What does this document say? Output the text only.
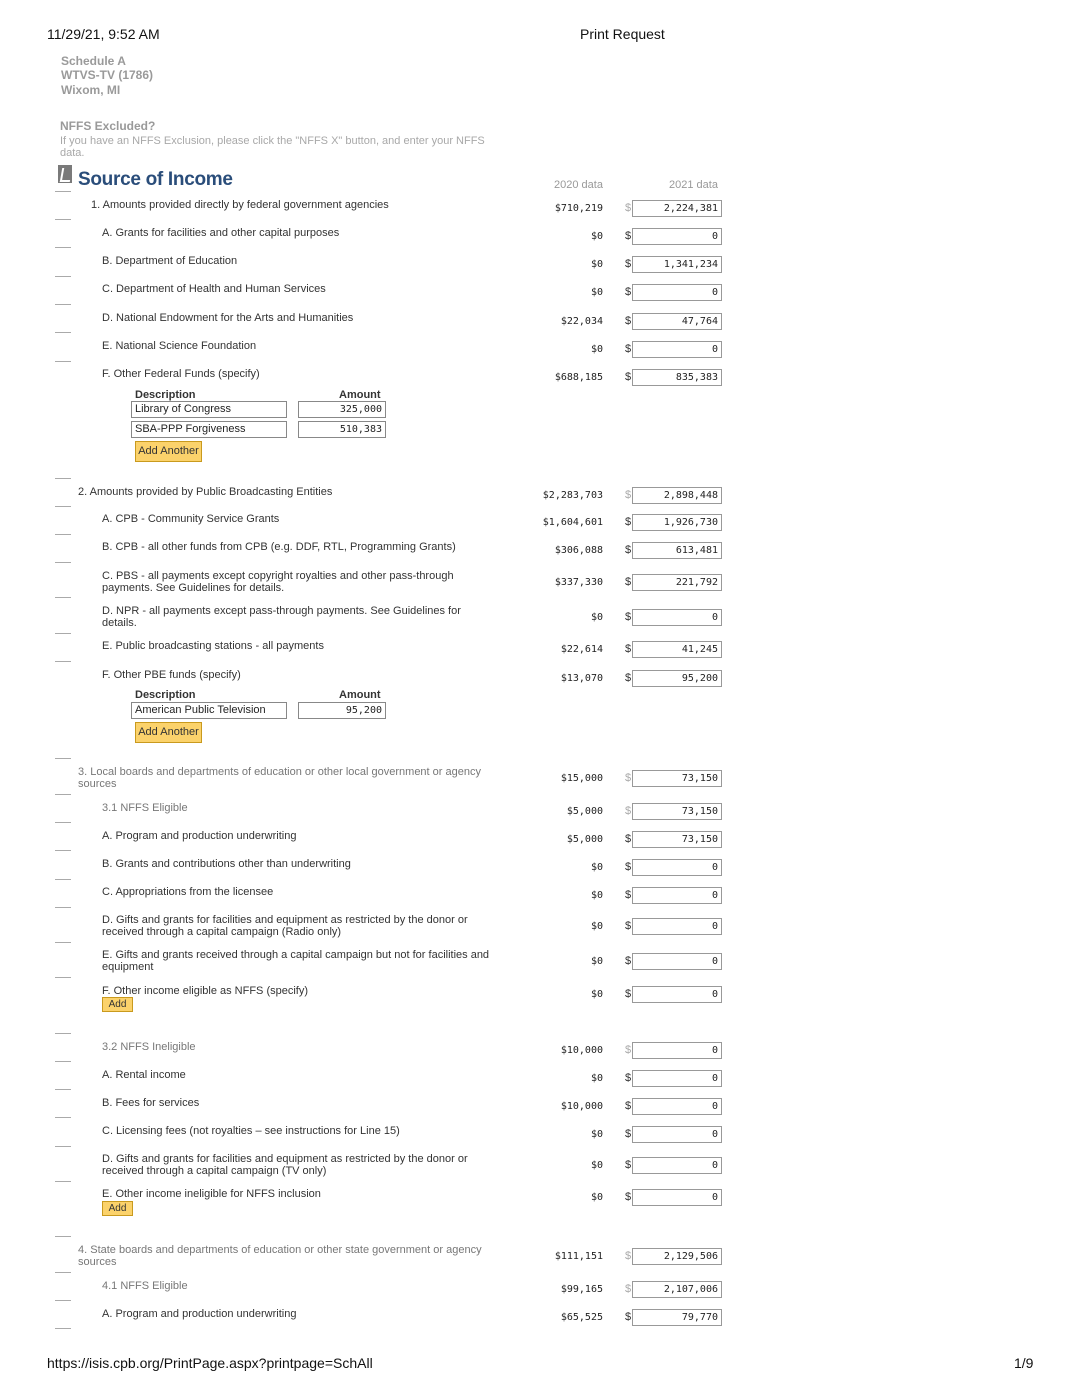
11/29/21, 9:52 AM	Print Request
Schedule A
WTVS-TV (1786)
Wixom, MI
NFFS Excluded?
If you have an NFFS Exclusion, please click the "NFFS X" button, and enter your NFFS data.
Source of Income	2020 data	2021 data
1. Amounts provided directly by federal government agencies	$710,219 $	2,224,381
A. Grants for facilities and other capital purposes	$0 $	0
B. Department of Education	$0 $	1,341,234
C. Department of Health and Human Services	$0 $	0
D. National Endowment for the Arts and Humanities	$22,034 $	47,764
E. National Science Foundation	$0 $	0
F. Other Federal Funds (specify)	$688,185 $	835,383
2. Amounts provided by Public Broadcasting Entities	$2,283,703 $	2,898,448
A. CPB - Community Service Grants	$1,604,601 $	1,926,730
B. CPB - all other funds from CPB (e.g. DDF, RTL, Programming Grants)	$306,088 $	613,481
C. PBS - all payments except copyright royalties and other pass-through payments. See Guidelines for details.	$337,330 $	221,792
D. NPR - all payments except pass-through payments. See Guidelines for details.	$0 $	0
E. Public broadcasting stations - all payments	$22,614 $	41,245
F. Other PBE funds (specify)	$13,070 $	95,200
3. Local boards and departments of education or other local government or agency sources	$15,000 $	73,150
3.1 NFFS Eligible	$5,000 $	73,150
A. Program and production underwriting	$5,000 $	73,150
B. Grants and contributions other than underwriting	$0 $	0
C. Appropriations from the licensee	$0 $	0
D. Gifts and grants for facilities and equipment as restricted by the donor or received through a capital campaign (Radio only)	$0 $	0
E. Gifts and grants received through a capital campaign but not for facilities and equipment	$0 $	0
F. Other income eligible as NFFS (specify)	$0 $	0
3.2 NFFS Ineligible	$10,000 $	0
A. Rental income	$0 $	0
B. Fees for services	$10,000 $	0
C. Licensing fees (not royalties – see instructions for Line 15)	$0 $	0
D. Gifts and grants for facilities and equipment as restricted by the donor or received through a capital campaign (TV only)	$0 $	0
E. Other income ineligible for NFFS inclusion	$0 $	0
4. State boards and departments of education or other state government or agency sources	$111,151 $	2,129,506
4.1 NFFS Eligible	$99,165 $	2,107,006
A. Program and production underwriting	$65,525 $	79,770
Description	Amount
Library of Congress	325,000
SBA-PPP Forgiveness	510,383
Add Another
Description	Amount
American Public Television	95,200
Add Another
Add
Add
https://isis.cpb.org/PrintPage.aspx?printpage=SchAll	1/9
